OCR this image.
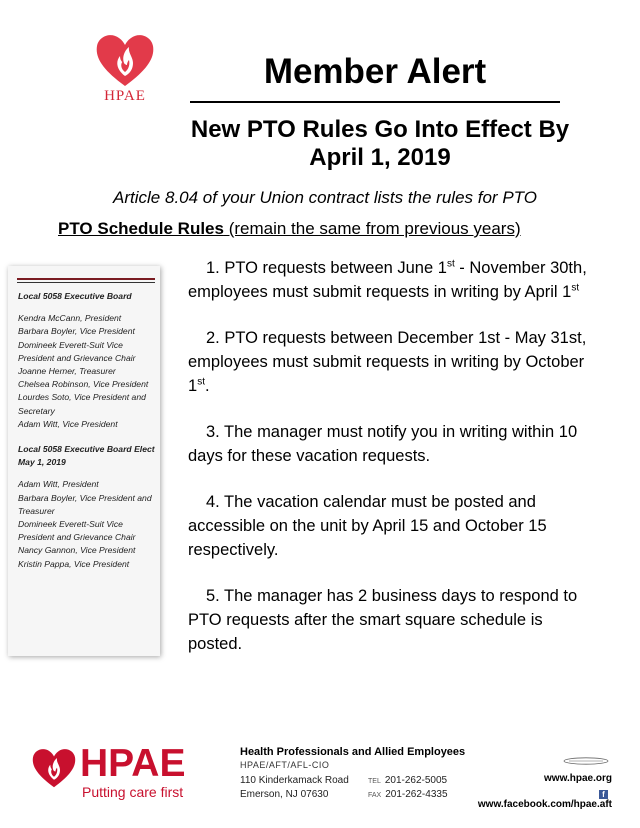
HPAE
Member Alert
New PTO Rules Go Into Effect By
April 1, 2019
Article 8.04 of your Union contract lists the rules for PTO
PTO Schedule Rules (remain the same from previous years)
Local 5058 Executive Board
Kendra McCann, President
Barbara Boyler, Vice President
Domineek Everett-Suit Vice President and Grievance Chair
Joanne Herner, Treasurer
Chelsea Robinson, Vice President
Lourdes Soto, Vice President and Secretary
Adam Witt, Vice President
Local 5058 Executive Board Elect May 1, 2019
Adam Witt, President
Barbara Boyler, Vice President and Treasurer
Domineek Everett-Suit Vice President and Grievance Chair
Nancy Gannon, Vice President
Kristin Pappa, Vice President

1. PTO requests between June 1st - November 30th, employees must submit requests in writing by April 1st

2. PTO requests between December 1st - May 31st, employees must submit requests in writing by October 1st.

3. The manager must notify you in writing within 10 days for these vacation requests.

4. The vacation calendar must be posted and accessible on the unit by April 15 and October 15 respectively.

5. The manager has 2 business days to respond to PTO requests after the smart square schedule is posted.

HPAE
Putting care first
Health Professionals and Allied Employees
HPAE/AFT/AFL-CIO
110 Kinderkamack Road
Emerson, NJ 07630
TEL 201-262-5005
FAX 201-262-4335
www.hpae.org
fwww.facebook.com/hpae.aft
